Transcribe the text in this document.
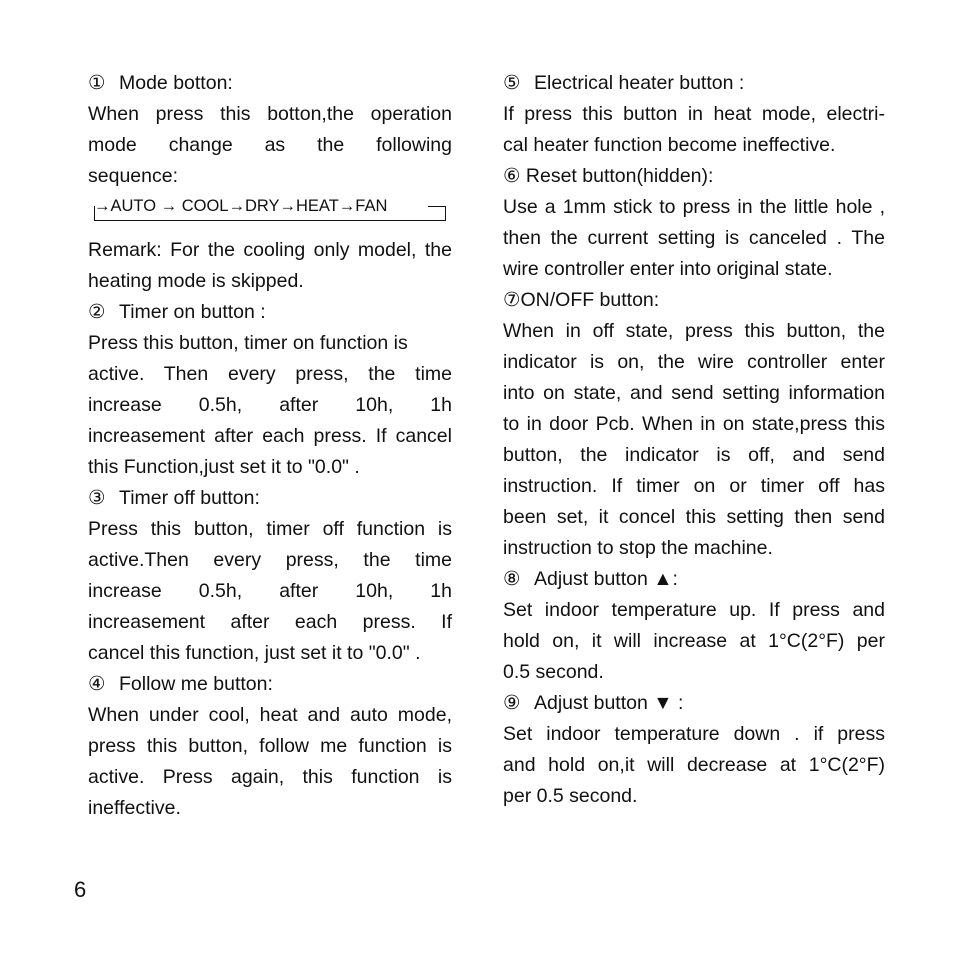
① Mode botton:
When press this botton,the operation
mode change as the following
sequence:
→AUTO → COOL→DRY→HEAT→FAN
Remark: For the cooling only model, the
heating mode is skipped.
② Timer on button :
Press this button, timer on function is
active. Then every press, the time
increase 0.5h, after 10h, 1h
increasement after each press. If cancel
this Function,just set it to "0.0" .
③ Timer off button:
Press this button, timer off function is
active.Then every press, the time
increase 0.5h, after 10h, 1h
increasement after each press. If
cancel this function, just set it to "0.0" .
④ Follow me button:
When under cool, heat and auto mode,
press this button, follow me function is
active. Press again, this function is
ineffective.
⑤ Electrical heater button :
If press this button in heat mode, electri-
cal heater function become ineffective.
⑥ Reset button(hidden):
Use a 1mm stick to press in the little hole ,
then the current setting is canceled . The
wire controller enter into original state.
⑦ON/OFF button:
When in off state, press this button, the
indicator is on, the wire controller enter
into on state, and send setting information
to in door Pcb. When in on state,press this
button, the indicator is off, and send
instruction. If timer on or timer off has
been set, it concel this setting then send
instruction to stop the machine.
⑧ Adjust button ▲:
Set indoor temperature up. If press and
hold on, it will increase at 1°C(2°F) per
0.5 second.
⑨ Adjust button ▼ :
Set indoor temperature down . if press
and hold on,it will decrease at 1°C(2°F)
per 0.5 second.
6
